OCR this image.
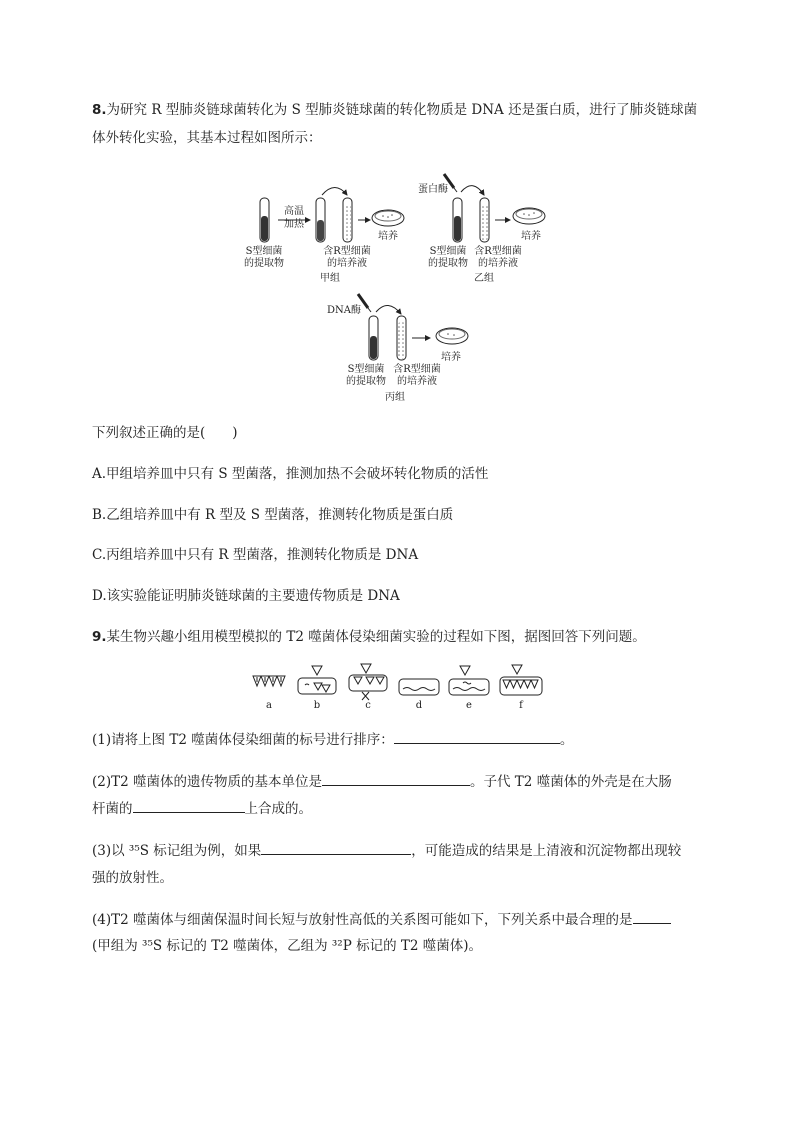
8.为研究 R 型肺炎链球菌转化为 S 型肺炎链球菌的转化物质是 DNA 还是蛋白质，进行了肺炎链球菌
体外转化实验，其基本过程如图所示：
高温
加热
培养
S型细菌
的提取物
含R型细菌
的培养液
甲组
蛋白酶
培养
S型细菌
的提取物
含R型细菌
的培养液
乙组
DNA酶
培养
S型细菌
的提取物
含R型细菌
的培养液
丙组
下列叙述正确的是(　　)
A.甲组培养皿中只有 S 型菌落，推测加热不会破坏转化物质的活性
B.乙组培养皿中有 R 型及 S 型菌落，推测转化物质是蛋白质
C.丙组培养皿中只有 R 型菌落，推测转化物质是 DNA
D.该实验能证明肺炎链球菌的主要遗传物质是 DNA
9.某生物兴趣小组用模型模拟的 T2 噬菌体侵染细菌实验的过程如下图，据图回答下列问题。
a	b	c	d	e	f
(1)请将上图 T2 噬菌体侵染细菌的标号进行排序：	。
(2)T2 噬菌体的遗传物质的基本单位是	。子代 T2 噬菌体的外壳是在大肠
杆菌的	上合成的。
(3)以 ³⁵S 标记组为例，如果	，可能造成的结果是上清液和沉淀物都出现较
强的放射性。
(4)T2 噬菌体与细菌保温时间长短与放射性高低的关系图可能如下，下列关系中最合理的是
(甲组为 ³⁵S 标记的 T2 噬菌体，乙组为 ³²P 标记的 T2 噬菌体)。
